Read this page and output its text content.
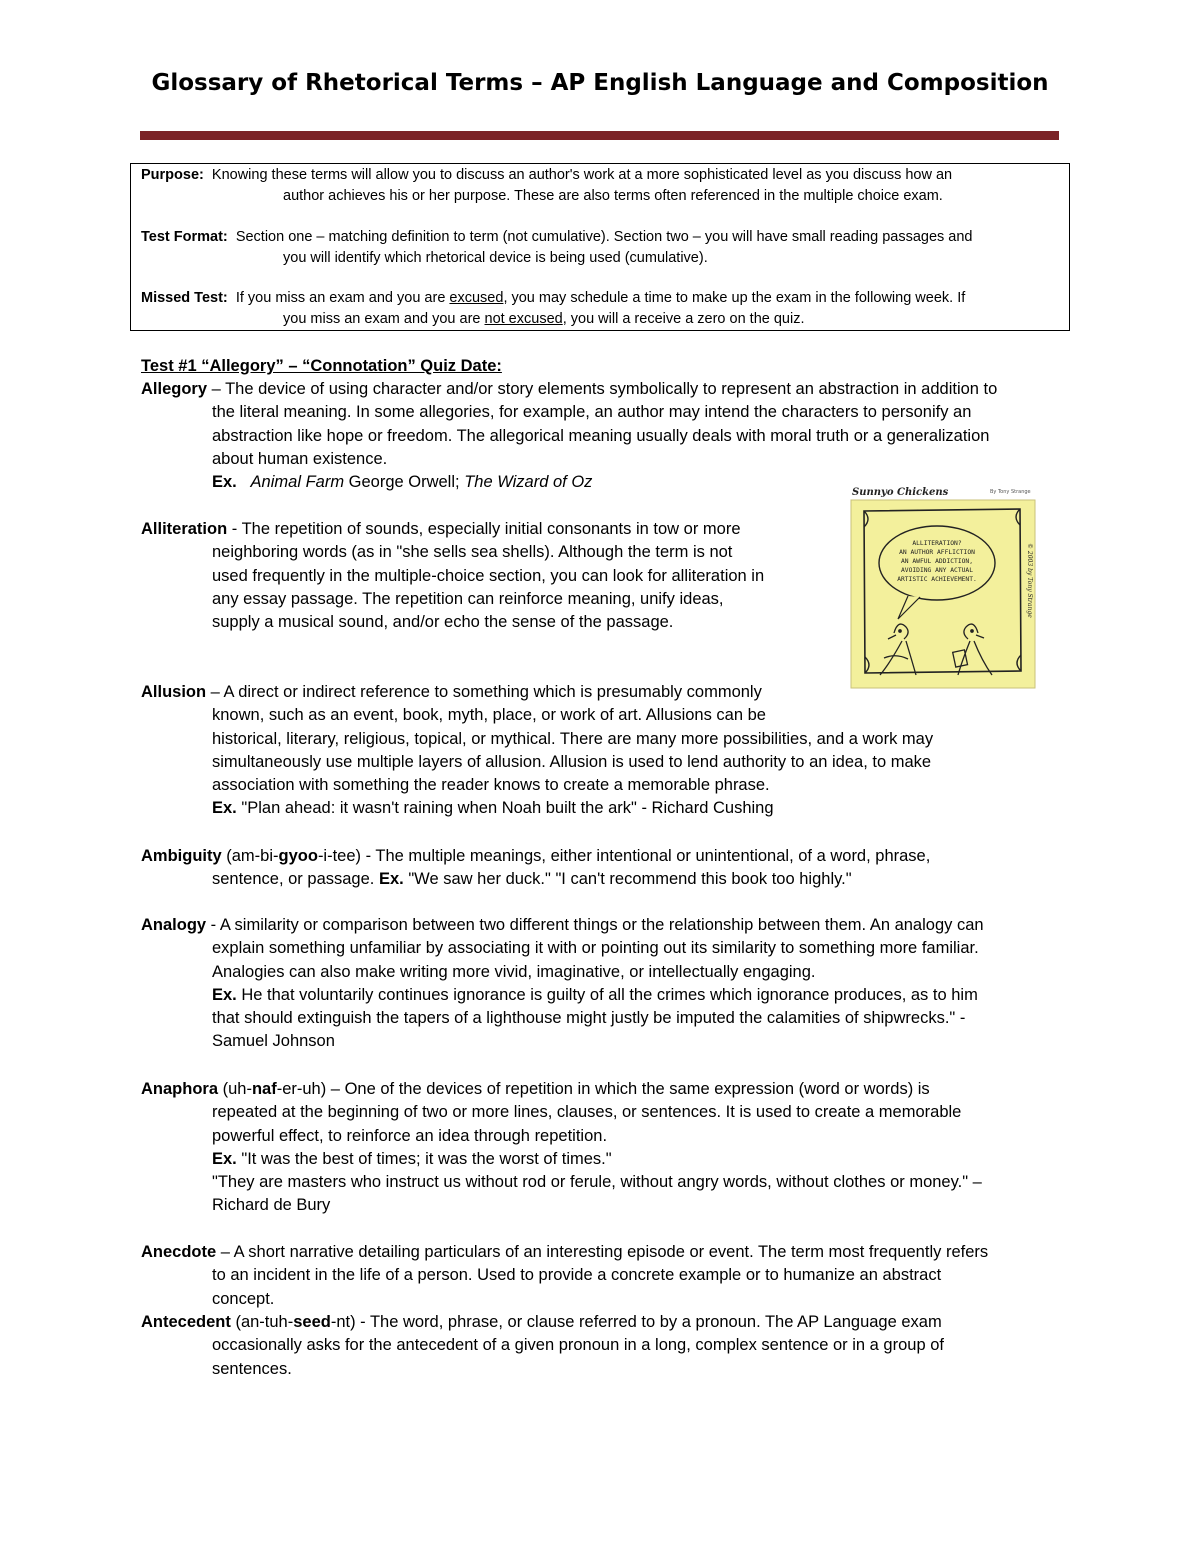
Glossary of Rhetorical Terms – AP English Language and Composition
Purpose: Knowing these terms will allow you to discuss an author's work at a more sophisticated level as you discuss how an
author achieves his or her purpose. These are also terms often referenced in the multiple choice exam.
Test Format: Section one – matching definition to term (not cumulative). Section two – you will have small reading passages and
you will identify which rhetorical device is being used (cumulative).
Missed Test: If you miss an exam and you are excused, you may schedule a time to make up the exam in the following week. If
you miss an exam and you are not excused, you will a receive a zero on the quiz.
Test #1 “Allegory” – “Connotation” Quiz Date:
Allegory – The device of using character and/or story elements symbolically to represent an abstraction in addition to
the literal meaning. In some allegories, for example, an author may intend the characters to personify an
abstraction like hope or freedom. The allegorical meaning usually deals with moral truth or a generalization
about human existence.
Ex. Animal Farm George Orwell; The Wizard of Oz
Alliteration - The repetition of sounds, especially initial consonants in tow or more
neighboring words (as in "she sells sea shells). Although the term is not
used frequently in the multiple-choice section, you can look for alliteration in
any essay passage. The repetition can reinforce meaning, unify ideas,
supply a musical sound, and/or echo the sense of the passage.
Allusion – A direct or indirect reference to something which is presumably commonly
known, such as an event, book, myth, place, or work of art. Allusions can be
historical, literary, religious, topical, or mythical. There are many more possibilities, and a work may
simultaneously use multiple layers of allusion. Allusion is used to lend authority to an idea, to make
association with something the reader knows to create a memorable phrase.
Ex. "Plan ahead: it wasn't raining when Noah built the ark" - Richard Cushing
Ambiguity (am-bi-gyoo-i-tee) - The multiple meanings, either intentional or unintentional, of a word, phrase,
sentence, or passage. Ex. "We saw her duck." "I can't recommend this book too highly."
Analogy - A similarity or comparison between two different things or the relationship between them. An analogy can
explain something unfamiliar by associating it with or pointing out its similarity to something more familiar.
Analogies can also make writing more vivid, imaginative, or intellectually engaging.
Ex. He that voluntarily continues ignorance is guilty of all the crimes which ignorance produces, as to him
that should extinguish the tapers of a lighthouse might justly be imputed the calamities of shipwrecks." -
Samuel Johnson
Anaphora (uh-naf-er-uh) – One of the devices of repetition in which the same expression (word or words) is
repeated at the beginning of two or more lines, clauses, or sentences. It is used to create a memorable
powerful effect, to reinforce an idea through repetition.
Ex. "It was the best of times; it was the worst of times."
"They are masters who instruct us without rod or ferule, without angry words, without clothes or money." –
Richard de Bury
Anecdote – A short narrative detailing particulars of an interesting episode or event. The term most frequently refers
to an incident in the life of a person. Used to provide a concrete example or to humanize an abstract
concept.
Antecedent (an-tuh-seed-nt) - The word, phrase, or clause referred to by a pronoun. The AP Language exam
occasionally asks for the antecedent of a given pronoun in a long, complex sentence or in a group of
sentences.
Sunnyo Chickens	By Tony Strange
ALLITERATION?
AN AUTHOR AFFLICTION
AN AWFUL ADDICTION,
AVOIDING ANY ACTUAL
ARTISTIC ACHIEVEMENT.	© 2003 by Tony Strange
